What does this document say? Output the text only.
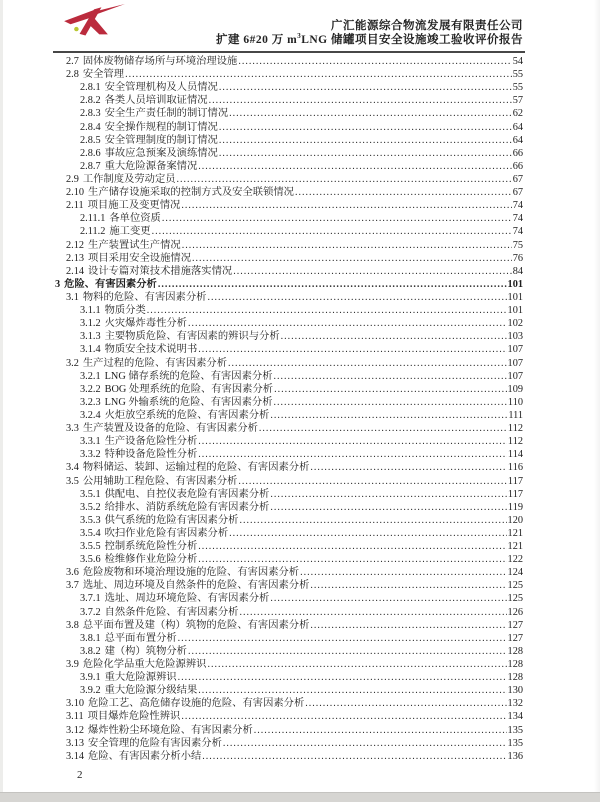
广汇能源综合物流发展有限责任公司
扩建 6#20 万 $m^3LNG$ 储罐项目安全设施竣工验收评价报告
2.7 固体废物储存场所与环境治理设施 .....	54
2.8 安全管理 .....	55
2.8.1 安全管理机构及人员情况 .....	55
2.8.2 各类人员培训取证情况 .....	57
2.8.3 安全生产责任制的制订情况 .....	62
2.8.4 安全操作规程的制订情况 .....	64
2.8.5 安全管理制度的制订情况 .....	64
2.8.6 事故应急预案及演练情况 .....	66
2.8.7 重大危险源备案情况 .....	66
2.9 工作制度及劳动定员 .....	67
2.10 生产储存设施采取的控制方式及安全联锁情况 .....	67
2.11 项目施工及变更情况 .....	74
2.11.1 各单位资质 .....	74
2.11.2 施工变更 .....	74
2.12 生产装置试生产情况 .....	75
2.13 项目采用安全设施情况 .....	76
2.14 设计专篇对策技术措施落实情况 .....	84
3 危险、有害因素分析 .....	101
3.1 物料的危险、有害因素分析 .....	101
3.1.1 物质分类 .....	101
3.1.2 火灾爆炸毒性分析 .....	102
3.1.3 主要物质危险、有害因素的辨识与分析 .....	103
3.1.4 物质安全技术说明书 .....	107
3.2 生产过程的危险、有害因素分析 .....	107
3.2.1 LNG 储存系统的危险、有害因素分析 .....	107
3.2.2 BOG 处理系统的危险、有害因素分析 .....	109
3.2.3 LNG 外输系统的危险、有害因素分析 .....	110
3.2.4 火炬放空系统的危险、有害因素分析 .....	111
3.3 生产装置及设备的危险、有害因素分析 .....	112
3.3.1 生产设备危险性分析 .....	112
3.3.2 特种设备危险性分析 .....	114
3.4 物料储运、装卸、运输过程的危险、有害因素分析 .....	116
3.5 公用辅助工程危险、有害因素分析 .....	117
3.5.1 供配电、自控仪表危险有害因素分析 .....	117
3.5.2 给排水、消防系统危险有害因素分析 .....	119
3.5.3 供气系统的危险有害因素分析 .....	120
3.5.4 吹扫作业危险有害因素分析 .....	121
3.5.5 控制系统危险性分析 .....	121
3.5.6 检维修作业危险分析 .....	122
3.6 危险废物和环境治理设施的危险、有害因素分析 .....	124
3.7 选址、周边环境及自然条件的危险、有害因素分析 .....	125
3.7.1 选址、周边环境危险、有害因素分析 .....	125
3.7.2 自然条件危险、有害因素分析 .....	126
3.8 总平面布置及建（构）筑物的危险、有害因素分析 .....	127
3.8.1 总平面布置分析 .....	127
3.8.2 建（构）筑物分析 .....	128
3.9 危险化学品重大危险源辨识 .....	128
3.9.1 重大危险源辨识 .....	128
3.9.2 重大危险源分级结果 .....	130
3.10 危险工艺、高危储存设施的危险、有害因素分析 .....	132
3.11 项目爆炸危险性辨识 .....	134
3.12 爆炸性粉尘环境危险、有害因素分析 .....	135
3.13 安全管理的危险有害因素分析 .....	135
3.14 危险、有害因素分析小结 .....	136
2
